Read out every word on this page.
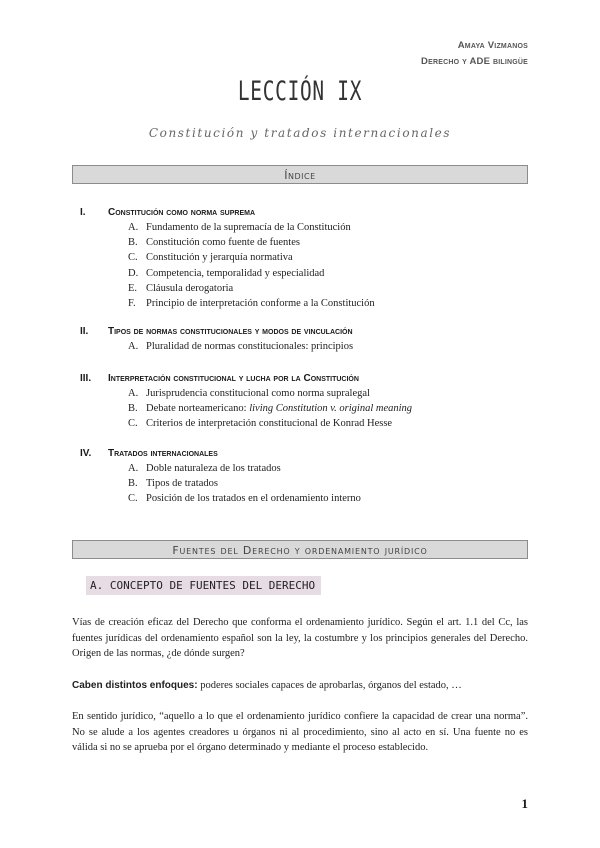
Amaya Vizmanos
Derecho y ADE bilingüe
LECCIÓN IX
Constitución y tratados internacionales
Índice
I. Constitución como norma suprema
A. Fundamento de la supremacía de la Constitución
B. Constitución como fuente de fuentes
C. Constitución y jerarquía normativa
D. Competencia, temporalidad y especialidad
E. Cláusula derogatoria
F. Principio de interpretación conforme a la Constitución
II. Tipos de normas constitucionales y modos de vinculación
A. Pluralidad de normas constitucionales: principios
III. Interpretación constitucional y lucha por la Constitución
A. Jurisprudencia constitucional como norma supralegal
B. Debate norteamericano: living Constitution v. original meaning
C. Criterios de interpretación constitucional de Konrad Hesse
IV. Tratados internacionales
A. Doble naturaleza de los tratados
B. Tipos de tratados
C. Posición de los tratados en el ordenamiento interno
Fuentes del Derecho y ordenamiento jurídico
A. CONCEPTO DE FUENTES DEL DERECHO
Vías de creación eficaz del Derecho que conforma el ordenamiento jurídico. Según el art. 1.1 del Cc, las fuentes jurídicas del ordenamiento español son la ley, la costumbre y los principios generales del Derecho. Origen de las normas, ¿de dónde surgen?
Caben distintos enfoques: poderes sociales capaces de aprobarlas, órganos del estado, …
En sentido jurídico, “aquello a lo que el ordenamiento jurídico confiere la capacidad de crear una norma”. No se alude a los agentes creadores u órganos ni al procedimiento, sino al acto en sí. Una fuente no es válida si no se aprueba por el órgano determinado y mediante el proceso establecido.
1
